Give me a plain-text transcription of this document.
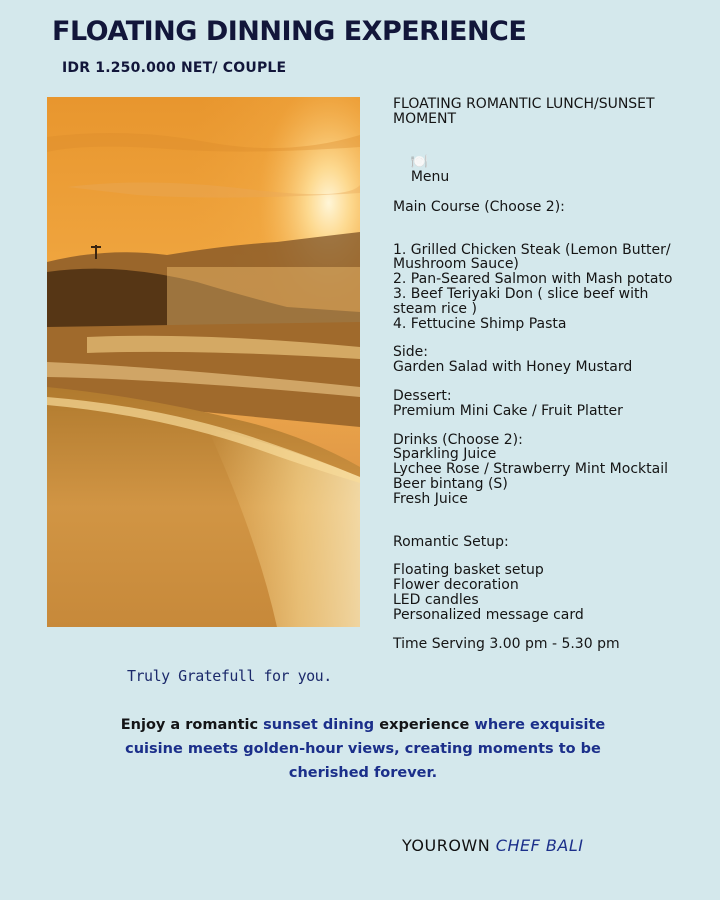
FLOATING DINNING EXPERIENCE
IDR 1.250.000 NET/ COUPLE
FLOATING ROMANTIC LUNCH/SUNSET
MOMENT

🍽️
Menu

Main Course (Choose 2):
1. Grilled Chicken Steak (Lemon Butter/
Mushroom Sauce)
2. Pan-Seared Salmon with Mash potato
3. Beef Teriyaki Don ( slice beef with
steam rice )
4. Fettucine Shimp Pasta
Side:
Garden Salad with Honey Mustard
Dessert:
Premium Mini Cake / Fruit Platter
Drinks (Choose 2):
Sparkling Juice
Lychee Rose / Strawberry Mint Mocktail
Beer bintang (S)
Fresh Juice
Romantic Setup:
Floating basket setup
Flower decoration
LED candles
Personalized message card
Time Serving 3.00 pm - 5.30 pm
Truly Gratefull for you.
Enjoy a romantic sunset dining experience where exquisite cuisine meets golden-hour views, creating moments to be cherished forever.
YOUROWN CHEF BALI
